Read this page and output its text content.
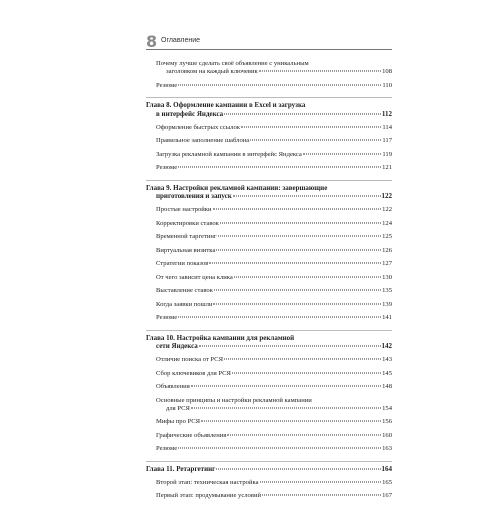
8 Оглавление
Почему лучше сделать своё объявление с уникальным
заголовком на каждый ключевик	108
Резюме	110
Глава 8. Оформление кампании в Excel и загрузка
в интерфейс Яндекса	112
Оформление быстрых ссылок	114
Правильное заполнение шаблона	117
Загрузка рекламной кампании в интерфейс Яндекса	119
Резюме	121
Глава 9. Настройки рекламной кампании: завершающие
приготовления и запуск	122
Простые настройки	122
Корректировки ставок	124
Временной таргетинг	125
Виртуальная визитка	126
Стратегии показов	127
От чего зависит цена клика	130
Выставление ставок	135
Когда заявки пошли	139
Резюме	141
Глава 10. Настройка кампании для рекламной
сети Яндекса	142
Отличие поиска от РСЯ	143
Сбор ключевиков для РСЯ	145
Объявления	148
Основные принципы и настройки рекламной кампании
для РСЯ	154
Мифы про РСЯ	156
Графические объявления	160
Резюме	163
Глава 11. Ретаргетинг	164
Второй этап: техническая настройка	165
Первый этап: продумывание условий	167
